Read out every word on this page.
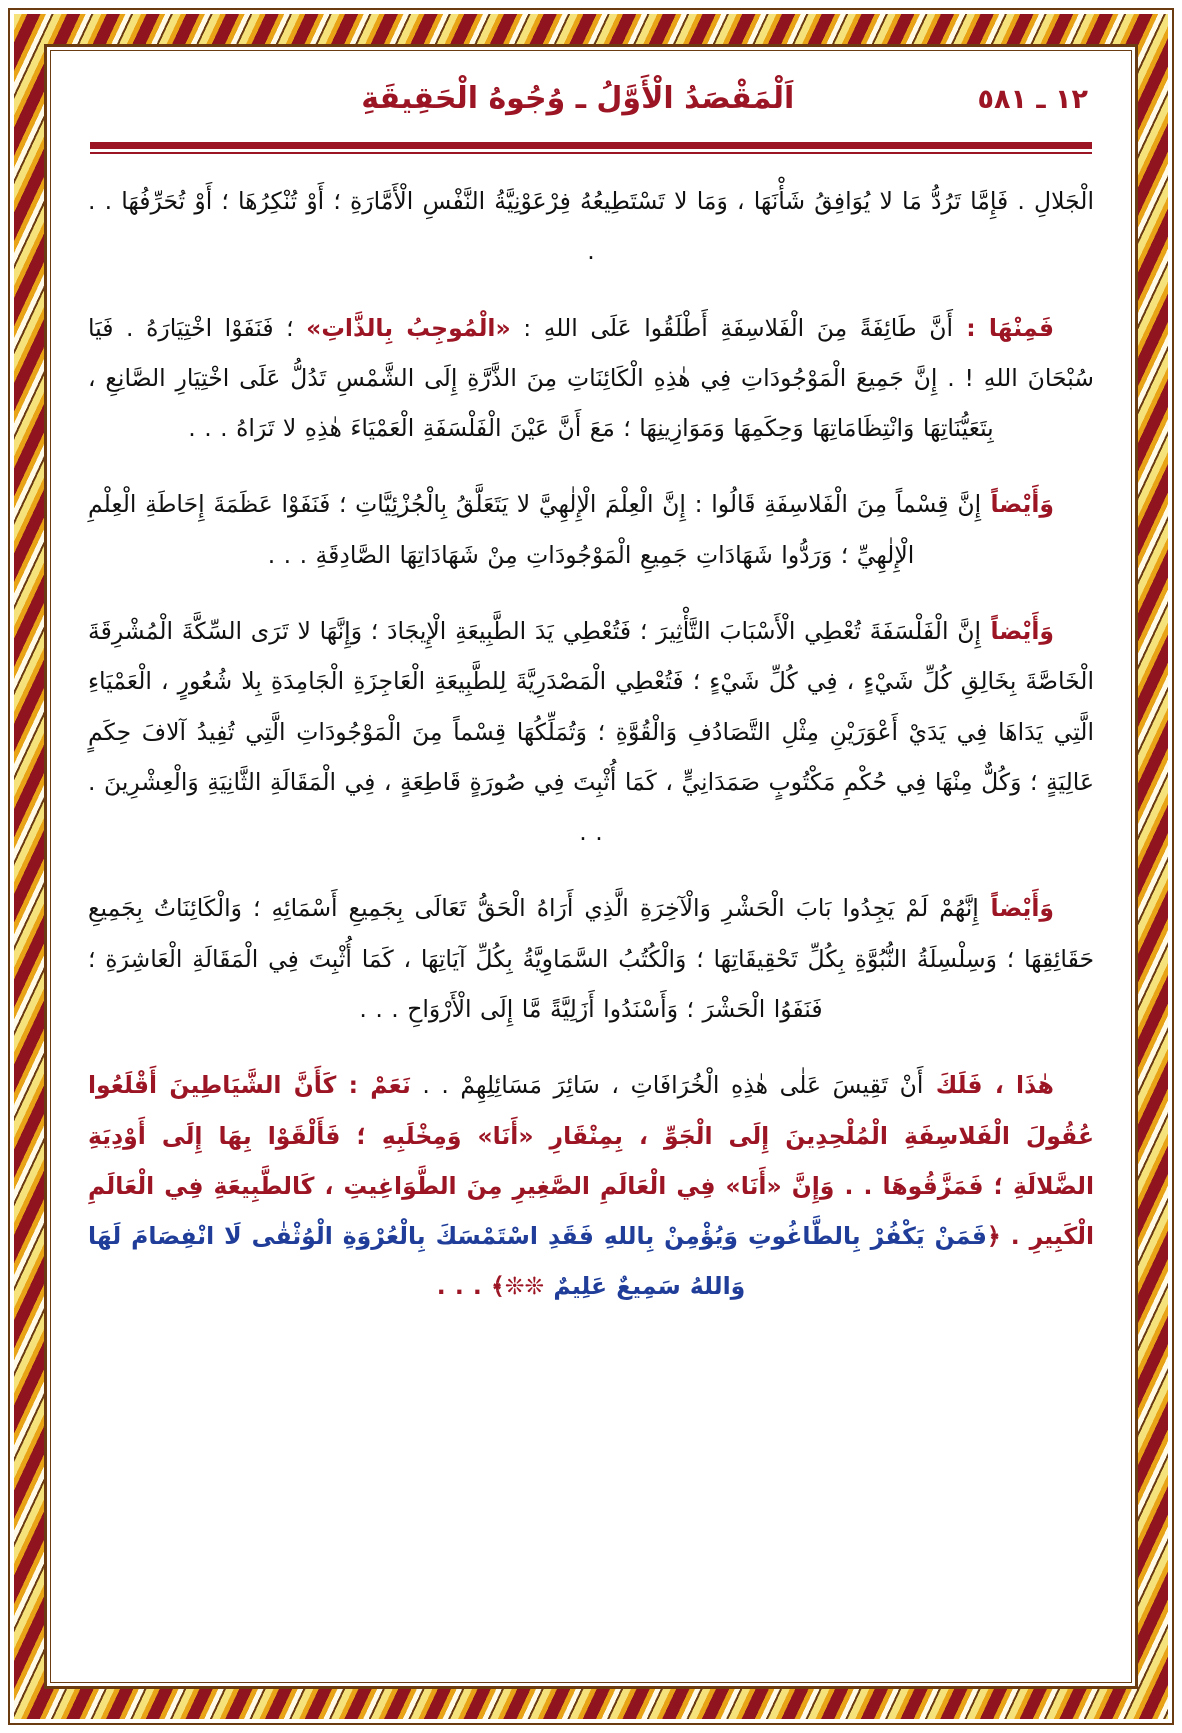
١٢ ـ ٥٨١
اَلْمَقْصَدُ الْأَوَّلُ ـ وُجُوهُ الْحَقِيقَةِ

الْجَلالِ . فَإِمَّا تَرُدُّ مَا لا يُوَافِقُ شَأْنَهَا ، وَمَا لا تَسْتَطِيعُهُ فِرْعَوْنِيَّةُ النَّفْسِ الْأَمَّارَةِ ؛ أَوْ تُنْكِرُهَا ؛ أَوْ تُحَرِّفُهَا . . .

فَمِنْهَا : أَنَّ طَائِفَةً مِنَ الْفَلاسِفَةِ أَطْلَقُوا عَلَى اللهِ : «الْمُوجِبُ بِالذَّاتِ» ؛ فَنَفَوْا اخْتِيَارَهُ . فَيَا سُبْحَانَ اللهِ ! . إِنَّ جَمِيعَ الْمَوْجُودَاتِ فِي هٰذِهِ الْكَائِنَاتِ مِنَ الذَّرَّةِ إِلَى الشَّمْسِ تَدُلُّ عَلَى اخْتِيَارِ الصَّانِعِ ، بِتَعَيُّنَاتِهَا وَانْتِظَامَاتِهَا وَحِكَمِهَا وَمَوَازِينِهَا ؛ مَعَ أَنَّ عَيْنَ الْفَلْسَفَةِ الْعَمْيَاءَ هٰذِهِ لا تَرَاهُ . . .

وَأَيْضاً إِنَّ قِسْماً مِنَ الْفَلاسِفَةِ قَالُوا : إِنَّ الْعِلْمَ الْإِلٰهِيَّ لا يَتَعَلَّقُ بِالْجُزْئِيَّاتِ ؛ فَنَفَوْا عَظَمَةَ إِحَاطَةِ الْعِلْمِ الْإِلٰهِيِّ ؛ وَرَدُّوا شَهَادَاتِ جَمِيعِ الْمَوْجُودَاتِ مِنْ شَهَادَاتِهَا الصَّادِقَةِ . . .

وَأَيْضاً إِنَّ الْفَلْسَفَةَ تُعْطِي الْأَسْبَابَ التَّأْثِيرَ ؛ فَتُعْطِي يَدَ الطَّبِيعَةِ الْإِيجَادَ ؛ وَإِنَّهَا لا تَرَى السِّكَّةَ الْمُشْرِقَةَ الْخَاصَّةَ بِخَالِقِ كُلِّ شَيْءٍ ، فِي كُلِّ شَيْءٍ ؛ فَتُعْطِي الْمَصْدَرِيَّةَ لِلطَّبِيعَةِ الْعَاجِزَةِ الْجَامِدَةِ بِلا شُعُورٍ ، الْعَمْيَاءِ الَّتِي يَدَاهَا فِي يَدَيْ أَعْوَرَيْنِ مِثْلِ التَّصَادُفِ وَالْقُوَّةِ ؛ وَتُمَلِّكُهَا قِسْماً مِنَ الْمَوْجُودَاتِ الَّتِي تُفِيدُ آلافَ حِكَمٍ عَالِيَةٍ ؛ وَكُلٌّ مِنْهَا فِي حُكْمِ مَكْتُوبٍ صَمَدَانِيٍّ ، كَمَا أُثْبِتَ فِي صُورَةٍ قَاطِعَةٍ ، فِي الْمَقَالَةِ الثَّانِيَةِ وَالْعِشْرِينَ . . .

وَأَيْضاً إِنَّهُمْ لَمْ يَجِدُوا بَابَ الْحَشْرِ وَالْآخِرَةِ الَّذِي أَرَاهُ الْحَقُّ تَعَالَى بِجَمِيعِ أَسْمَائِهِ ؛ وَالْكَائِنَاتُ بِجَمِيعِ حَقَائِقِهَا ؛ وَسِلْسِلَةُ النُّبُوَّةِ بِكُلِّ تَحْقِيقَاتِهَا ؛ وَالْكُتُبُ السَّمَاوِيَّةُ بِكُلِّ آيَاتِهَا ، كَمَا أُثْبِتَ فِي الْمَقَالَةِ الْعَاشِرَةِ ؛ فَنَفَوُا الْحَشْرَ ؛ وَأَسْنَدُوا أَزَلِيَّةً مَّا إِلَى الْأَرْوَاحِ . . .

هٰذَا ، فَلَكَ أَنْ تَقِيسَ عَلٰى هٰذِهِ الْخُرَافَاتِ ، سَائِرَ مَسَائِلِهِمْ . . نَعَمْ : كَأَنَّ الشَّيَاطِينَ أَقْلَعُوا عُقُولَ الْفَلاسِفَةِ الْمُلْحِدِينَ إِلَى الْجَوِّ ، بِمِنْقَارِ «أَنَا» وَمِخْلَبِهِ ؛ فَأَلْقَوْا بِهَا إِلَى أَوْدِيَةِ الضَّلالَةِ ؛ فَمَزَّقُوهَا . . وَإِنَّ «أَنَا» فِي الْعَالَمِ الصَّغِيرِ مِنَ الطَّوَاغِيتِ ، كَالطَّبِيعَةِ فِي الْعَالَمِ الْكَبِيرِ . ﴿فَمَنْ يَكْفُرْ بِالطَّاغُوتِ وَيُؤْمِنْ بِاللهِ فَقَدِ اسْتَمْسَكَ بِالْعُرْوَةِ الْوُثْقٰى لَا انْفِصَامَ لَهَا وَاللهُ سَمِيعٌ عَلِيمٌ ❊❊﴾ . . .
